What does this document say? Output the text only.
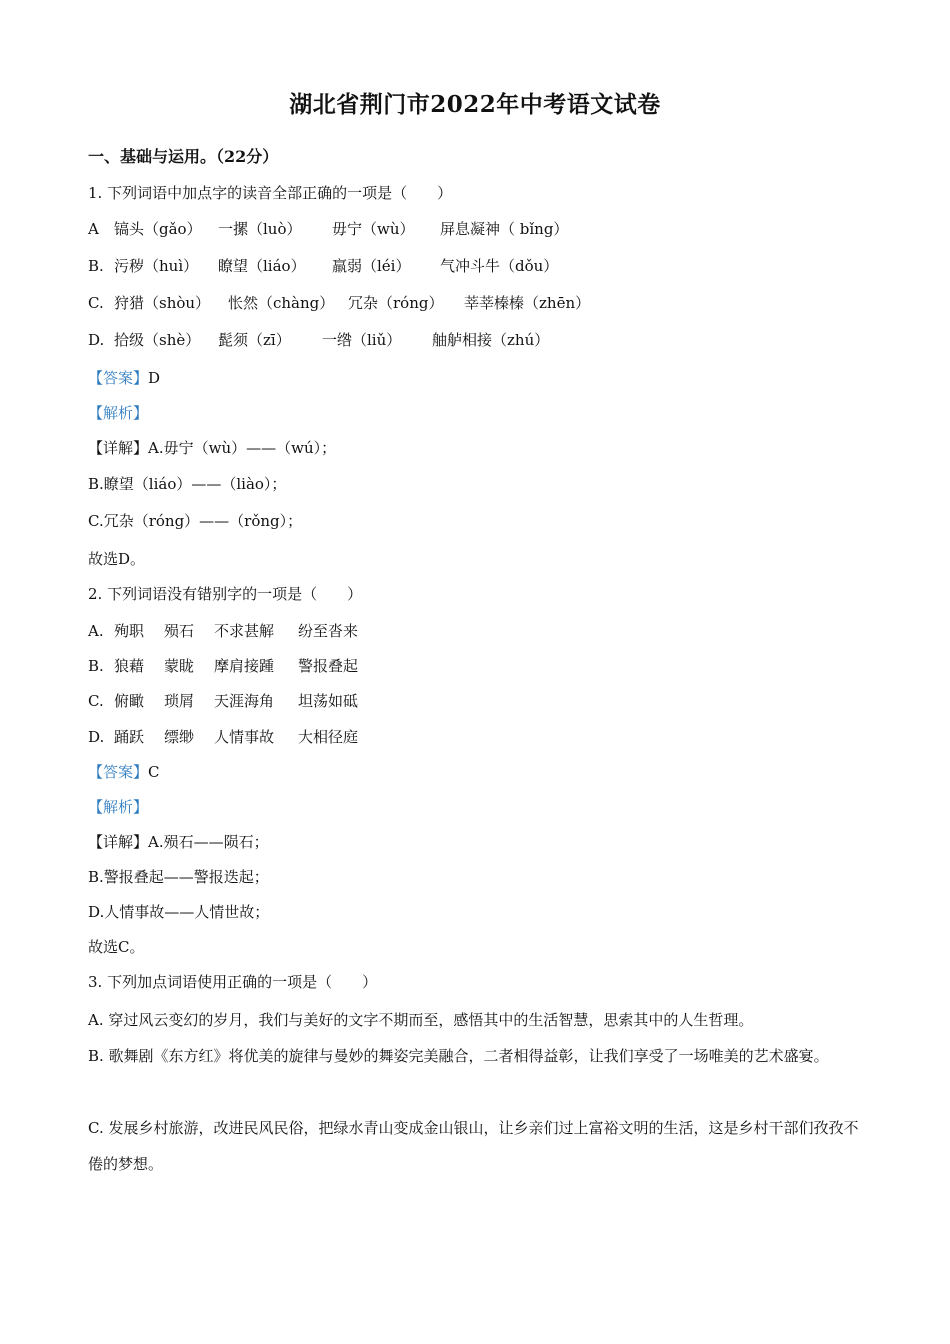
湖北省荆门市2022年中考语文试卷
一、基础与运用。（22分）
1. 下列词语中加点字的读音全部正确的一项是（　　）
A	镐头（gǎo）	一摞（luò）	毋宁（wù）	屏息凝神（ bǐng）
B. 污秽（huì）	瞭望（liáo）	羸弱（léi）	气冲斗牛（dǒu）
C. 狩猎（shòu）	怅然（chàng） 冗杂（róng）	莘莘榛榛（zhēn）
D. 拾级（shè）	髭须（zī）	一绺（liǔ）	舳舻相接（zhú）
【答案】D
【解析】
【详解】A.毋宁（wù）——（wú）；
B.瞭望（liáo）——（liào）；
C.冗杂（róng）——（rǒng）；
故选D。
2. 下列词语没有错别字的一项是（　　）
A. 殉职	殒石	不求甚解	纷至沓来
B. 狼藉	蒙眬	摩肩接踵	警报叠起
C. 俯瞰	琐屑	天涯海角	坦荡如砥
D. 踊跃	缥缈	人情事故	大相径庭
【答案】C
【解析】
【详解】A.殒石——陨石；
B.警报叠起——警报迭起；
D.人情事故——人情世故；
故选C。
3. 下列加点词语使用正确的一项是（　　）
A. 穿过风云变幻的岁月，我们与美好的文字不期而至，感悟其中的生活智慧，思索其中的人生哲理。
B. 歌舞剧《东方红》将优美的旋律与曼妙的舞姿完美融合，二者相得益彰，让我们享受了一场唯美的艺术盛宴。
C. 发展乡村旅游，改进民风民俗，把绿水青山变成金山银山，让乡亲们过上富裕文明的生活，这是乡村干部们孜孜不倦的梦想。
